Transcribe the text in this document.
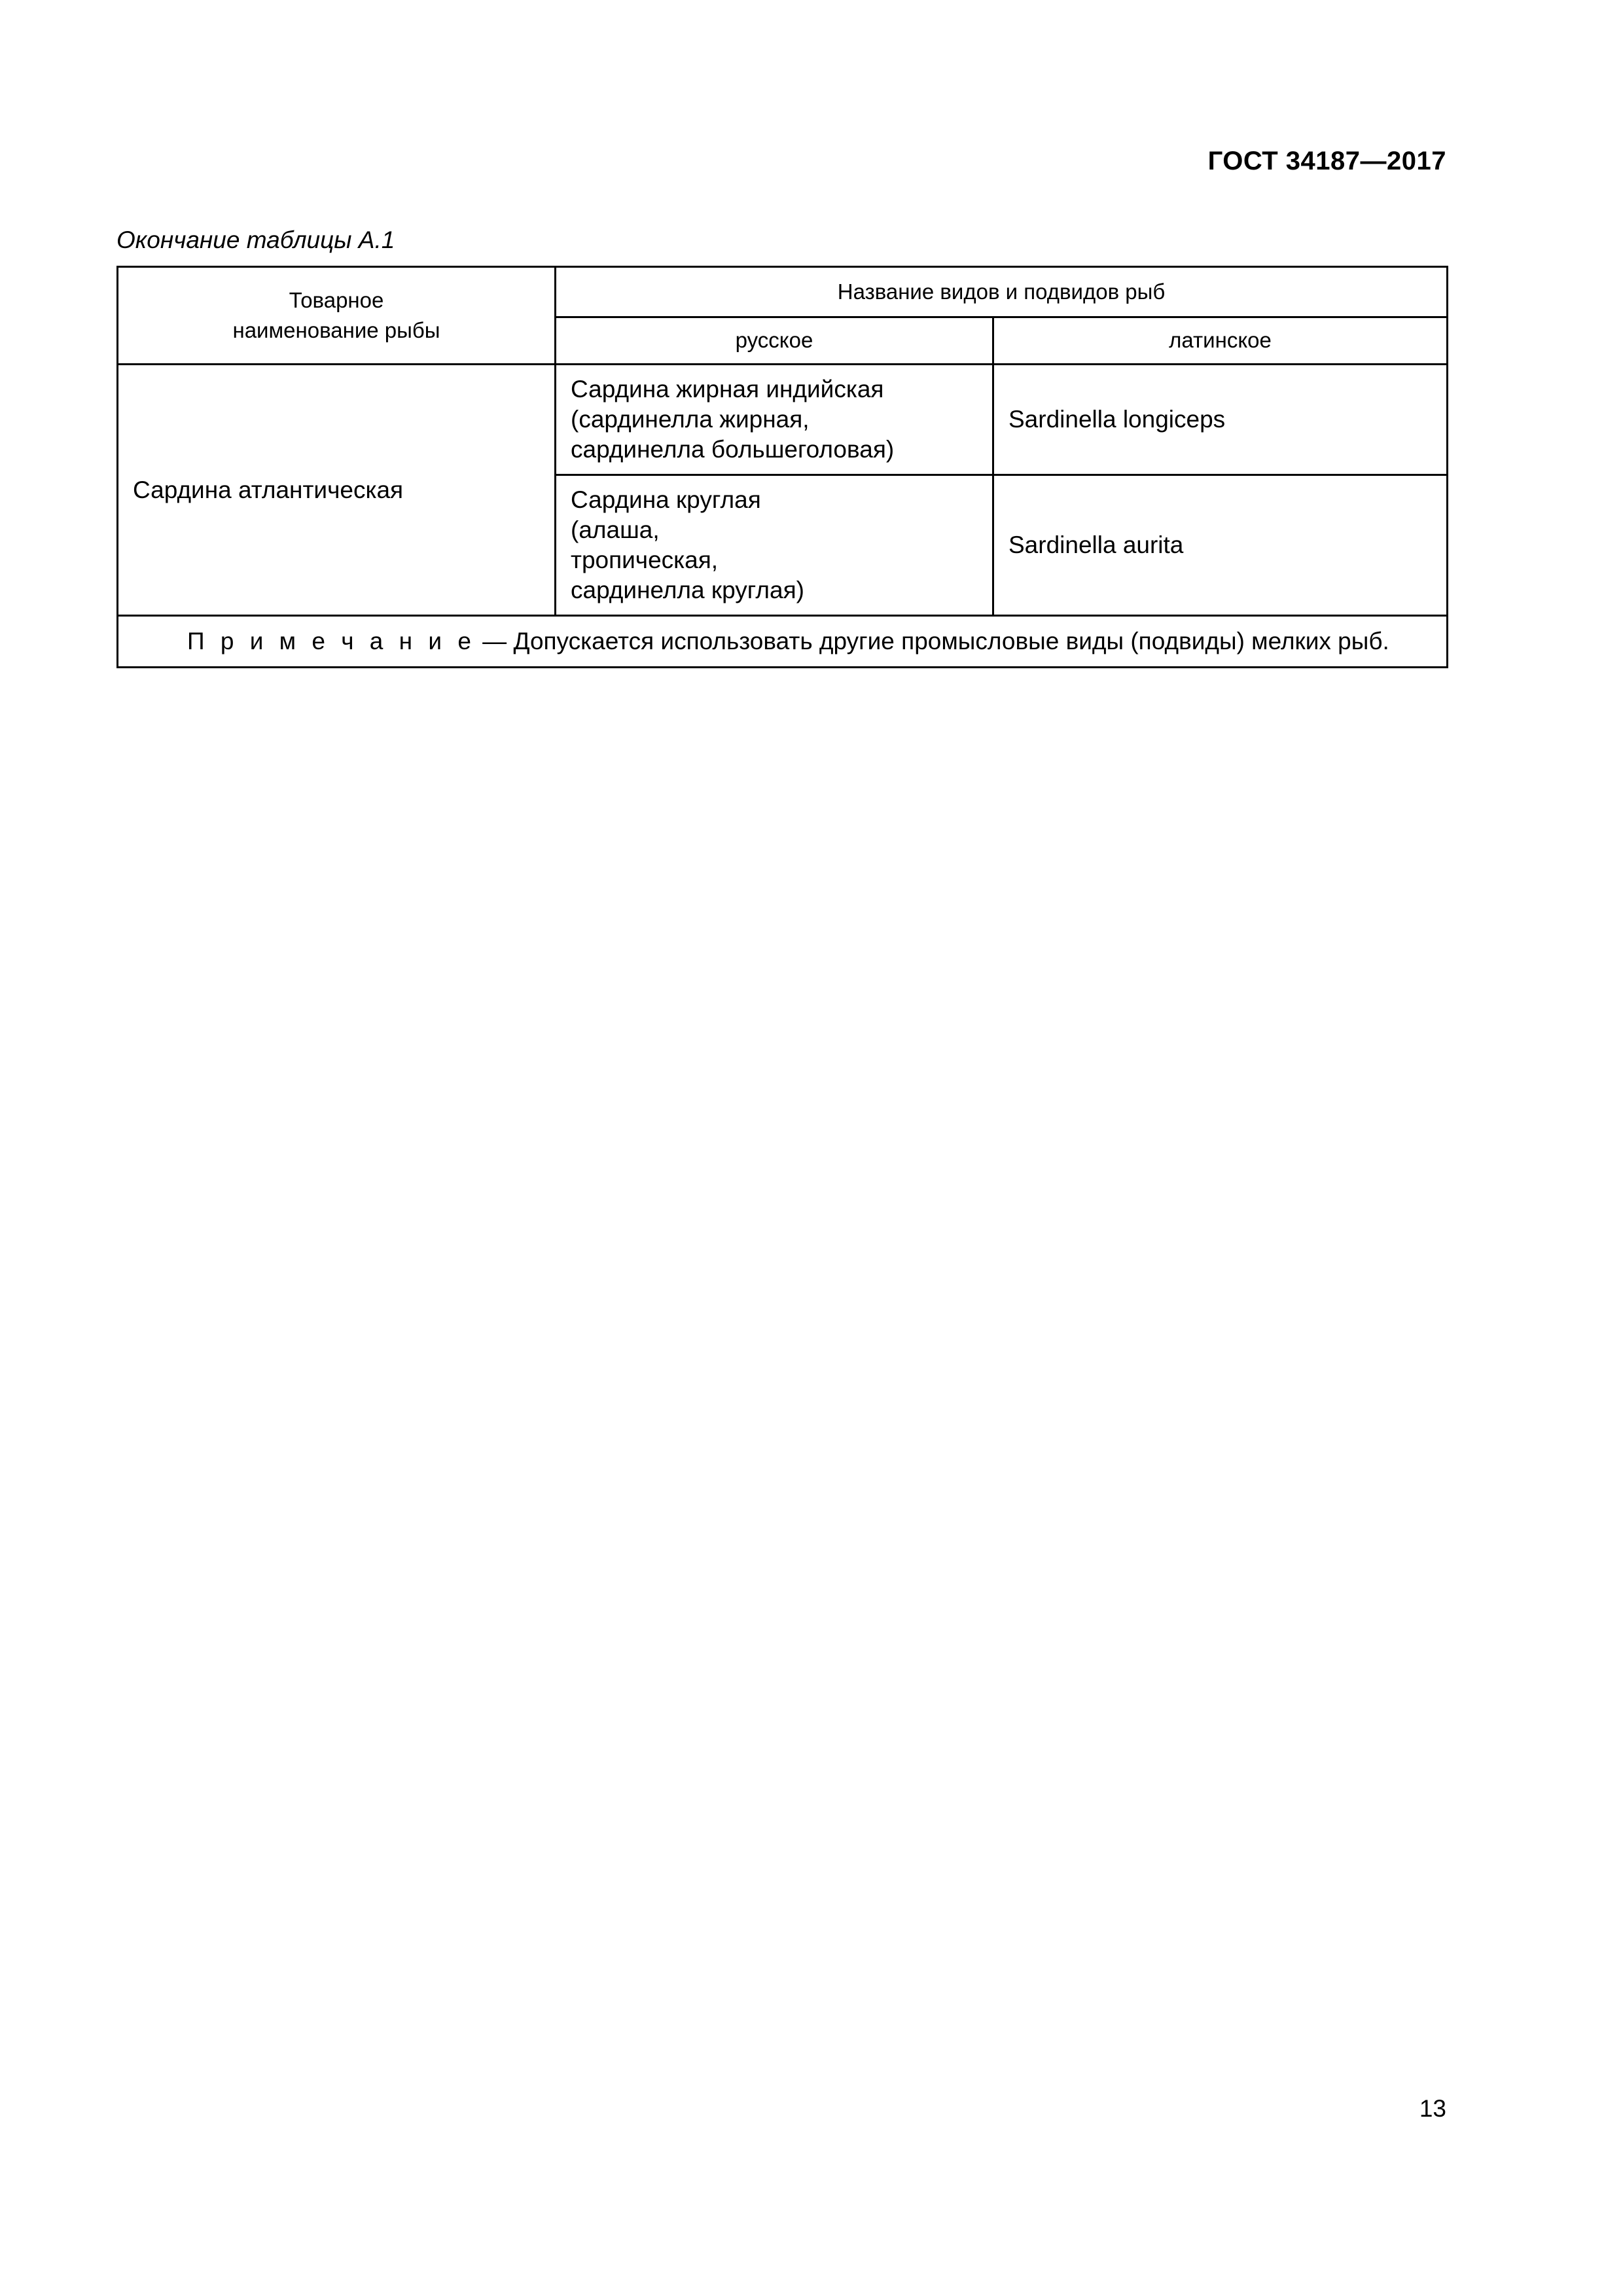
ГОСТ 34187—2017
Окончание таблицы А.1
Товарное
наименование рыбы	Название видов и подвидов рыб	
	русское	латинское
Сардина атлантическая	Сардина жирная индийская
(сардинелла жирная,
сардинелла большеголовая)	Sardinella longiceps

	Сардина круглая
(алаша,
тропическая,
сардинелла круглая)	Sardinella aurita
П р и м е ч а н и е — Допускается использовать другие промысловые виды (подвиды) мелких рыб.		
13
